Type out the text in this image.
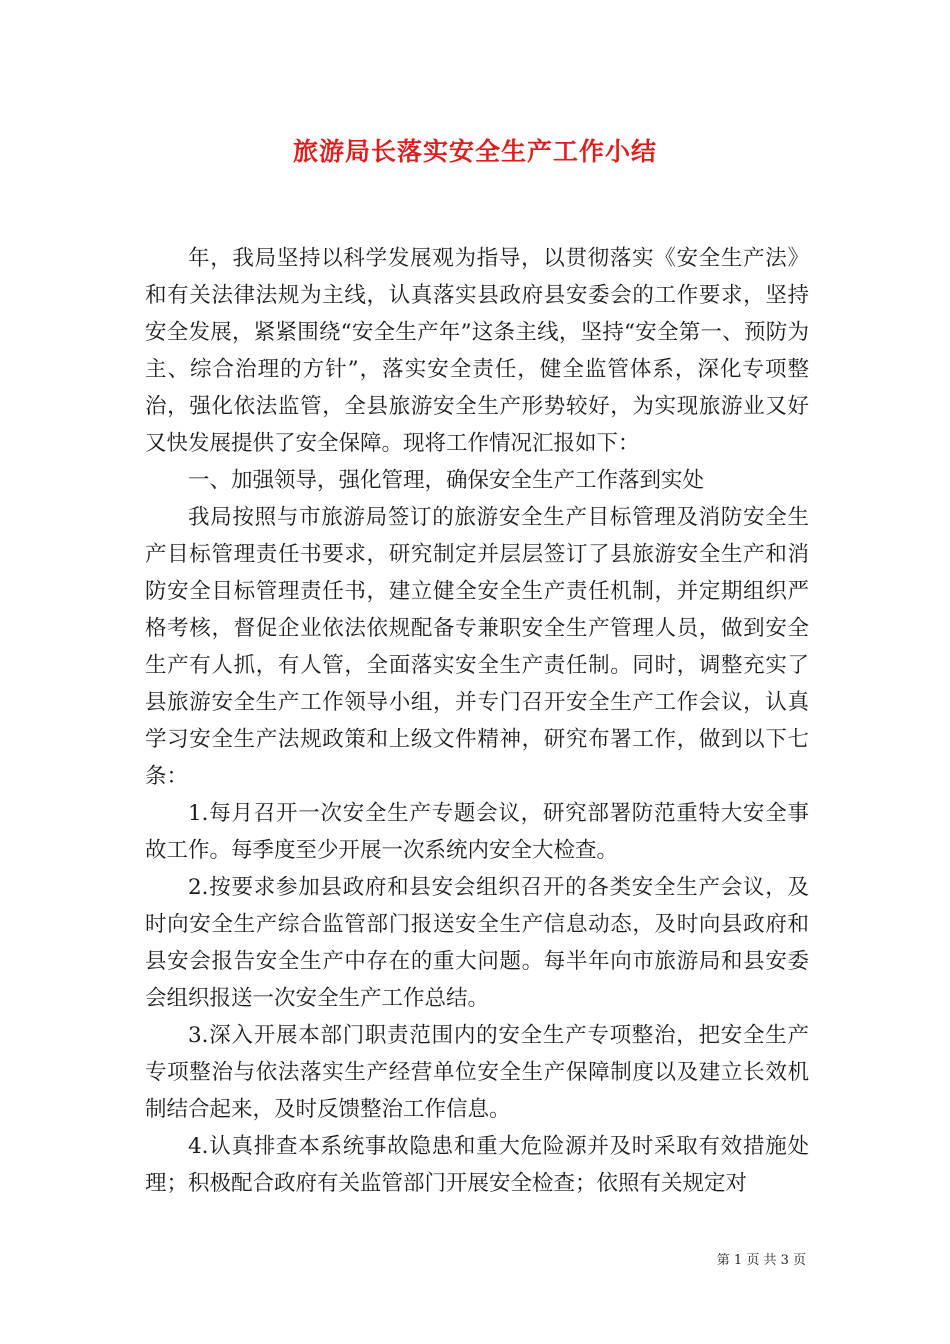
旅游局长落实安全生产工作小结

年，我局坚持以科学发展观为指导，以贯彻落实《安全生产法》和有关法律法规为主线，认真落实县政府县安委会的工作要求，坚持安全发展，紧紧围绕“安全生产年”这条主线，坚持“安全第一、预防为主、综合治理的方针”，落实安全责任，健全监管体系，深化专项整治，强化依法监管，全县旅游安全生产形势较好，为实现旅游业又好又快发展提供了安全保障。现将工作情况汇报如下：

一、加强领导，强化管理，确保安全生产工作落到实处

我局按照与市旅游局签订的旅游安全生产目标管理及消防安全生产目标管理责任书要求，研究制定并层层签订了县旅游安全生产和消防安全目标管理责任书，建立健全安全生产责任机制，并定期组织严格考核，督促企业依法依规配备专兼职安全生产管理人员，做到安全生产有人抓，有人管，全面落实安全生产责任制。同时，调整充实了县旅游安全生产工作领导小组，并专门召开安全生产工作会议，认真学习安全生产法规政策和上级文件精神，研究布署工作，做到以下七条：

1.每月召开一次安全生产专题会议，研究部署防范重特大安全事故工作。每季度至少开展一次系统内安全大检查。

2.按要求参加县政府和县安会组织召开的各类安全生产会议，及时向安全生产综合监管部门报送安全生产信息动态，及时向县政府和县安会报告安全生产中存在的重大问题。每半年向市旅游局和县安委会组织报送一次安全生产工作总结。

3.深入开展本部门职责范围内的安全生产专项整治，把安全生产专项整治与依法落实生产经营单位安全生产保障制度以及建立长效机制结合起来，及时反馈整治工作信息。

4.认真排查本系统事故隐患和重大危险源并及时采取有效措施处理；积极配合政府有关监管部门开展安全检查；依照有关规定对

第 1 页 共 3 页
